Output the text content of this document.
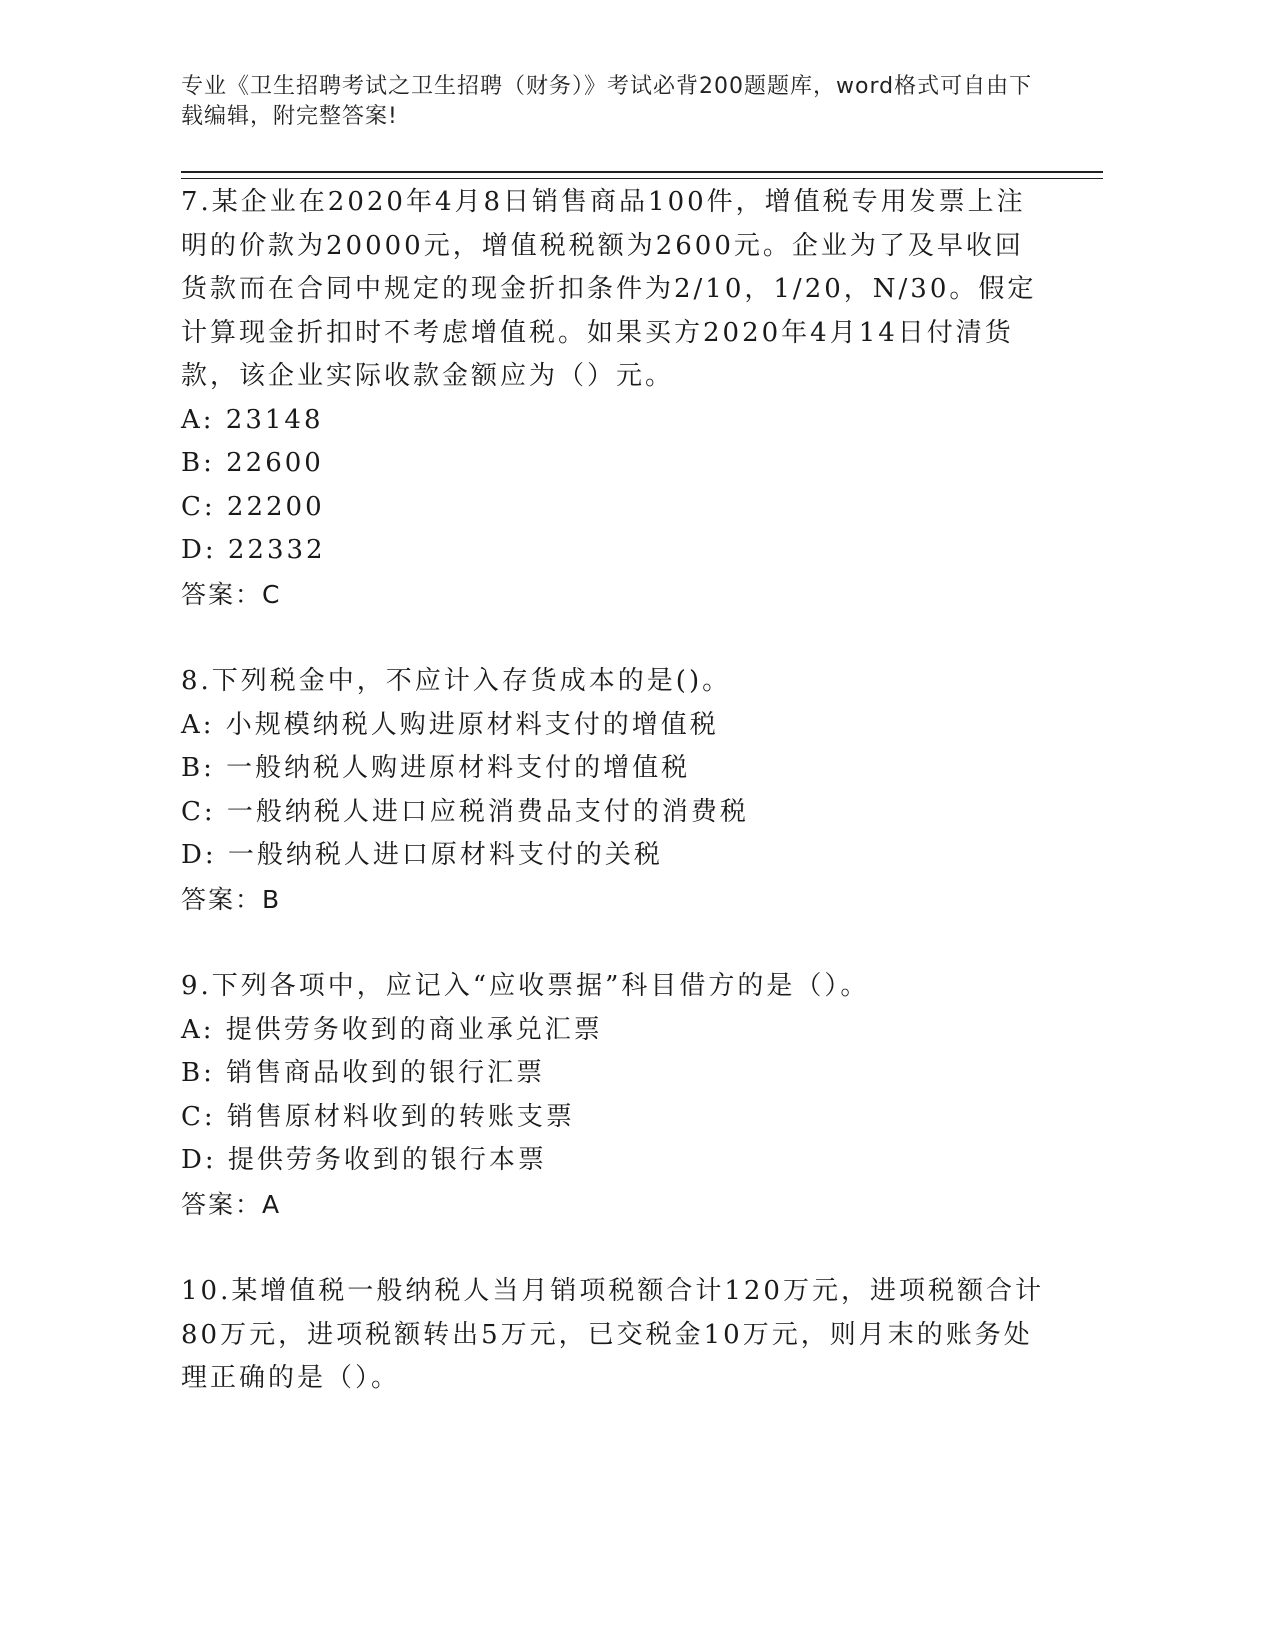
专业《卫生招聘考试之卫生招聘（财务）》考试必背200题题库，word格式可自由下载编辑，附完整答案!

7.某企业在2020年4月8日销售商品100件，增值税专用发票上注明的价款为20000元，增值税税额为2600元。企业为了及早收回货款而在合同中规定的现金折扣条件为2/10，1/20，N/30。假定计算现金折扣时不考虑增值税。如果买方2020年4月14日付清货款，该企业实际收款金额应为（）元。

A: 23148

B: 22600

C: 22200

D: 22332

答案：C

8.下列税金中，不应计入存货成本的是()。

A: 小规模纳税人购进原材料支付的增值税

B: 一般纳税人购进原材料支付的增值税

C: 一般纳税人进口应税消费品支付的消费税

D: 一般纳税人进口原材料支付的关税

答案：B

9.下列各项中，应记入“应收票据”科目借方的是（）。

A: 提供劳务收到的商业承兑汇票

B: 销售商品收到的银行汇票

C: 销售原材料收到的转账支票

D: 提供劳务收到的银行本票

答案：A

10.某增值税一般纳税人当月销项税额合计120万元，进项税额合计80万元，进项税额转出5万元，已交税金10万元，则月末的账务处理正确的是（）。
